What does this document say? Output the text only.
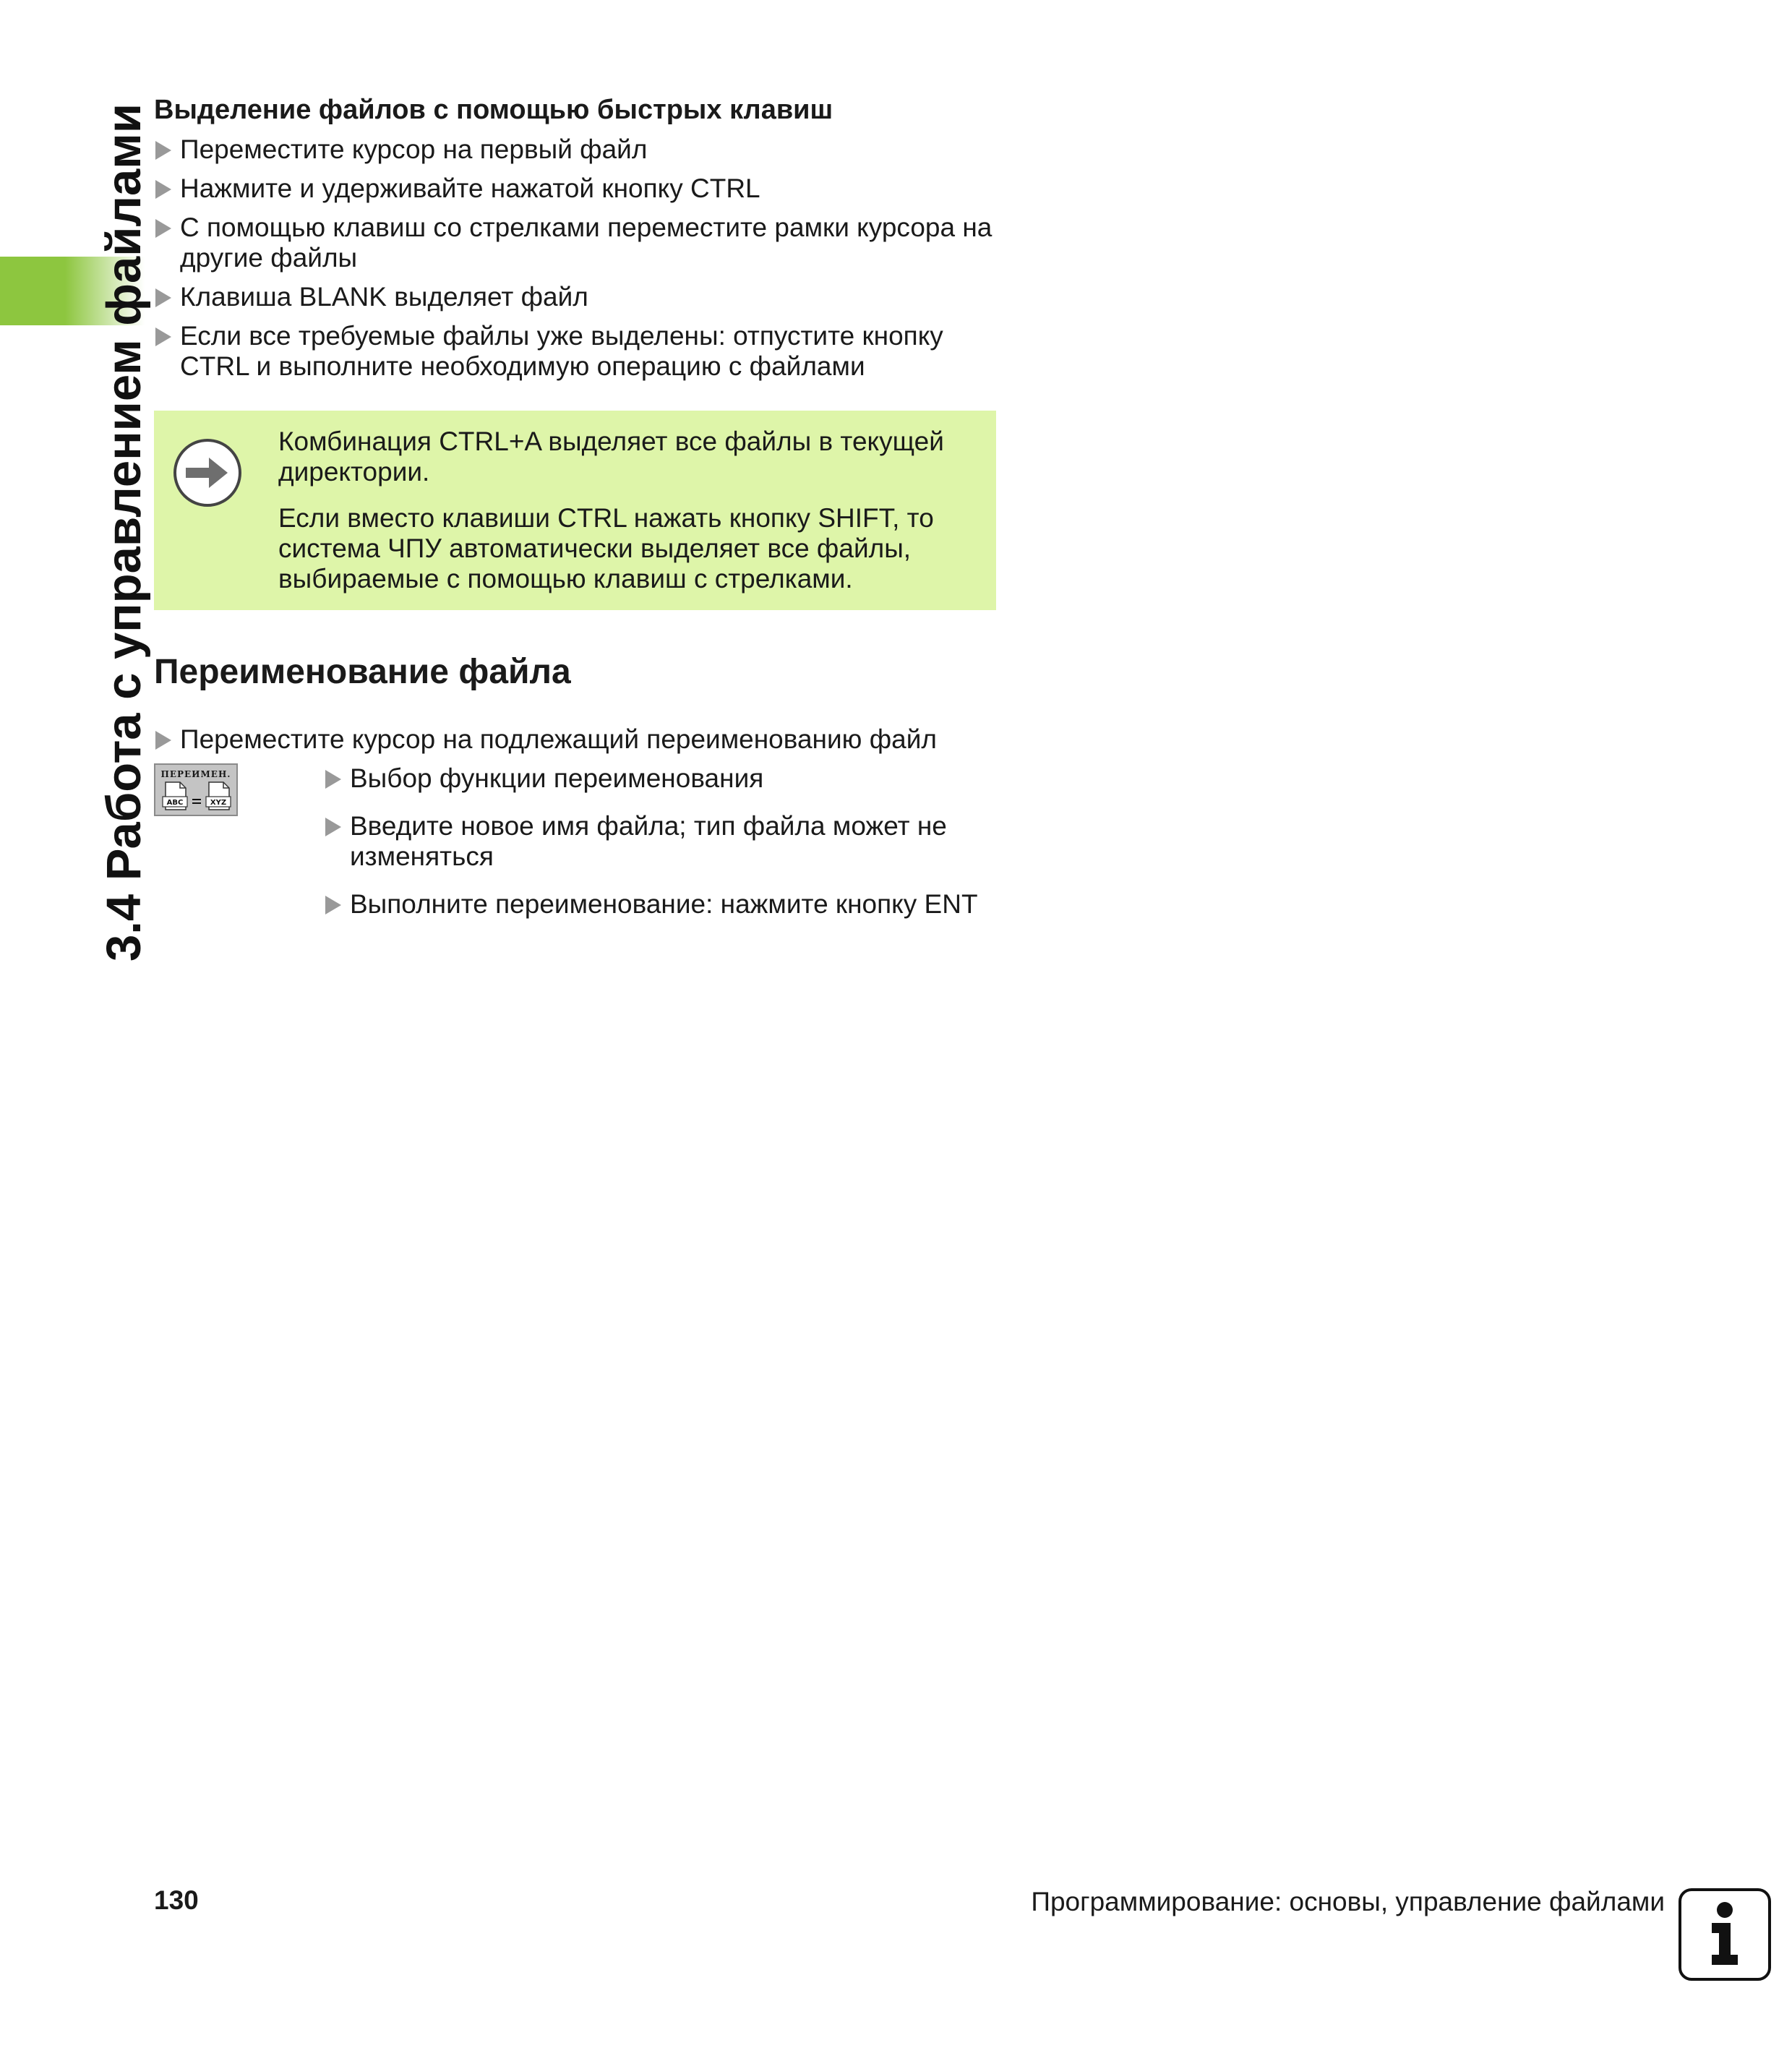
3.4 Работа с управлением файлами Выделение файлов с помощью быстрых клавиш
Переместите курсор на первый файл
Нажмите и удерживайте нажатой кнопку CTRL
С помощью клавиш со стрелками переместите рамки курсора на другие файлы
Клавиша BLANK выделяет файл
Если все требуемые файлы уже выделены: отпустите кнопку CTRL и выполните необходимую операцию с файлами

Комбинация CTRL+A выделяет все файлы в текущей директории.

Если вместо клавиши CTRL нажать кнопку SHIFT, то система ЧПУ автоматически выделяет все файлы, выбираемые с помощью клавиш с стрелками.

Переименование файла
Переместите курсор на подлежащий переименованию файл
ПЕРЕИМЕН.
ABC	XYZ
Выбор функции переименования
Введите новое имя файла; тип файла может не изменяться
Выполните переименование: нажмите кнопку ENT
130	Программирование: основы, управление файлами
